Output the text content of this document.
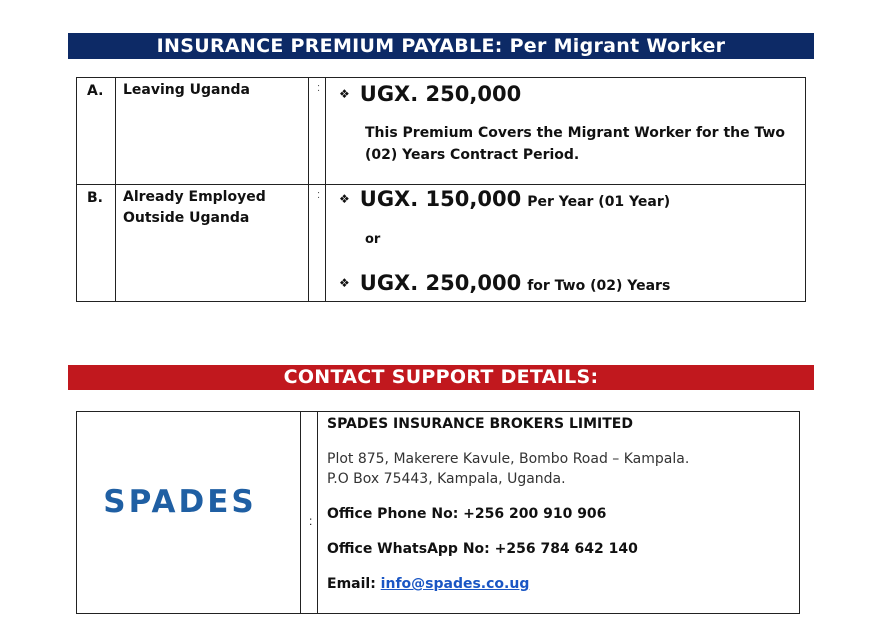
INSURANCE PREMIUM PAYABLE: Per Migrant Worker
A. Leaving Uganda	: ❖ UGX. 250,000
This Premium Covers the Migrant Worker for the Two (02) Years Contract Period.
B. Already Employed Outside Uganda
: ❖ UGX. 150,000 Per Year (01 Year)
or
❖ UGX. 250,000 for Two (02) Years
CONTACT SUPPORT DETAILS:
SPADES
:
SPADES INSURANCE BROKERS LIMITED
Plot 875, Makerere Kavule, Bombo Road – Kampala.
P.O Box 75443, Kampala, Uganda.
Office Phone No: +256 200 910 906
Office WhatsApp No: +256 784 642 140
Email: info@spades.co.ug
